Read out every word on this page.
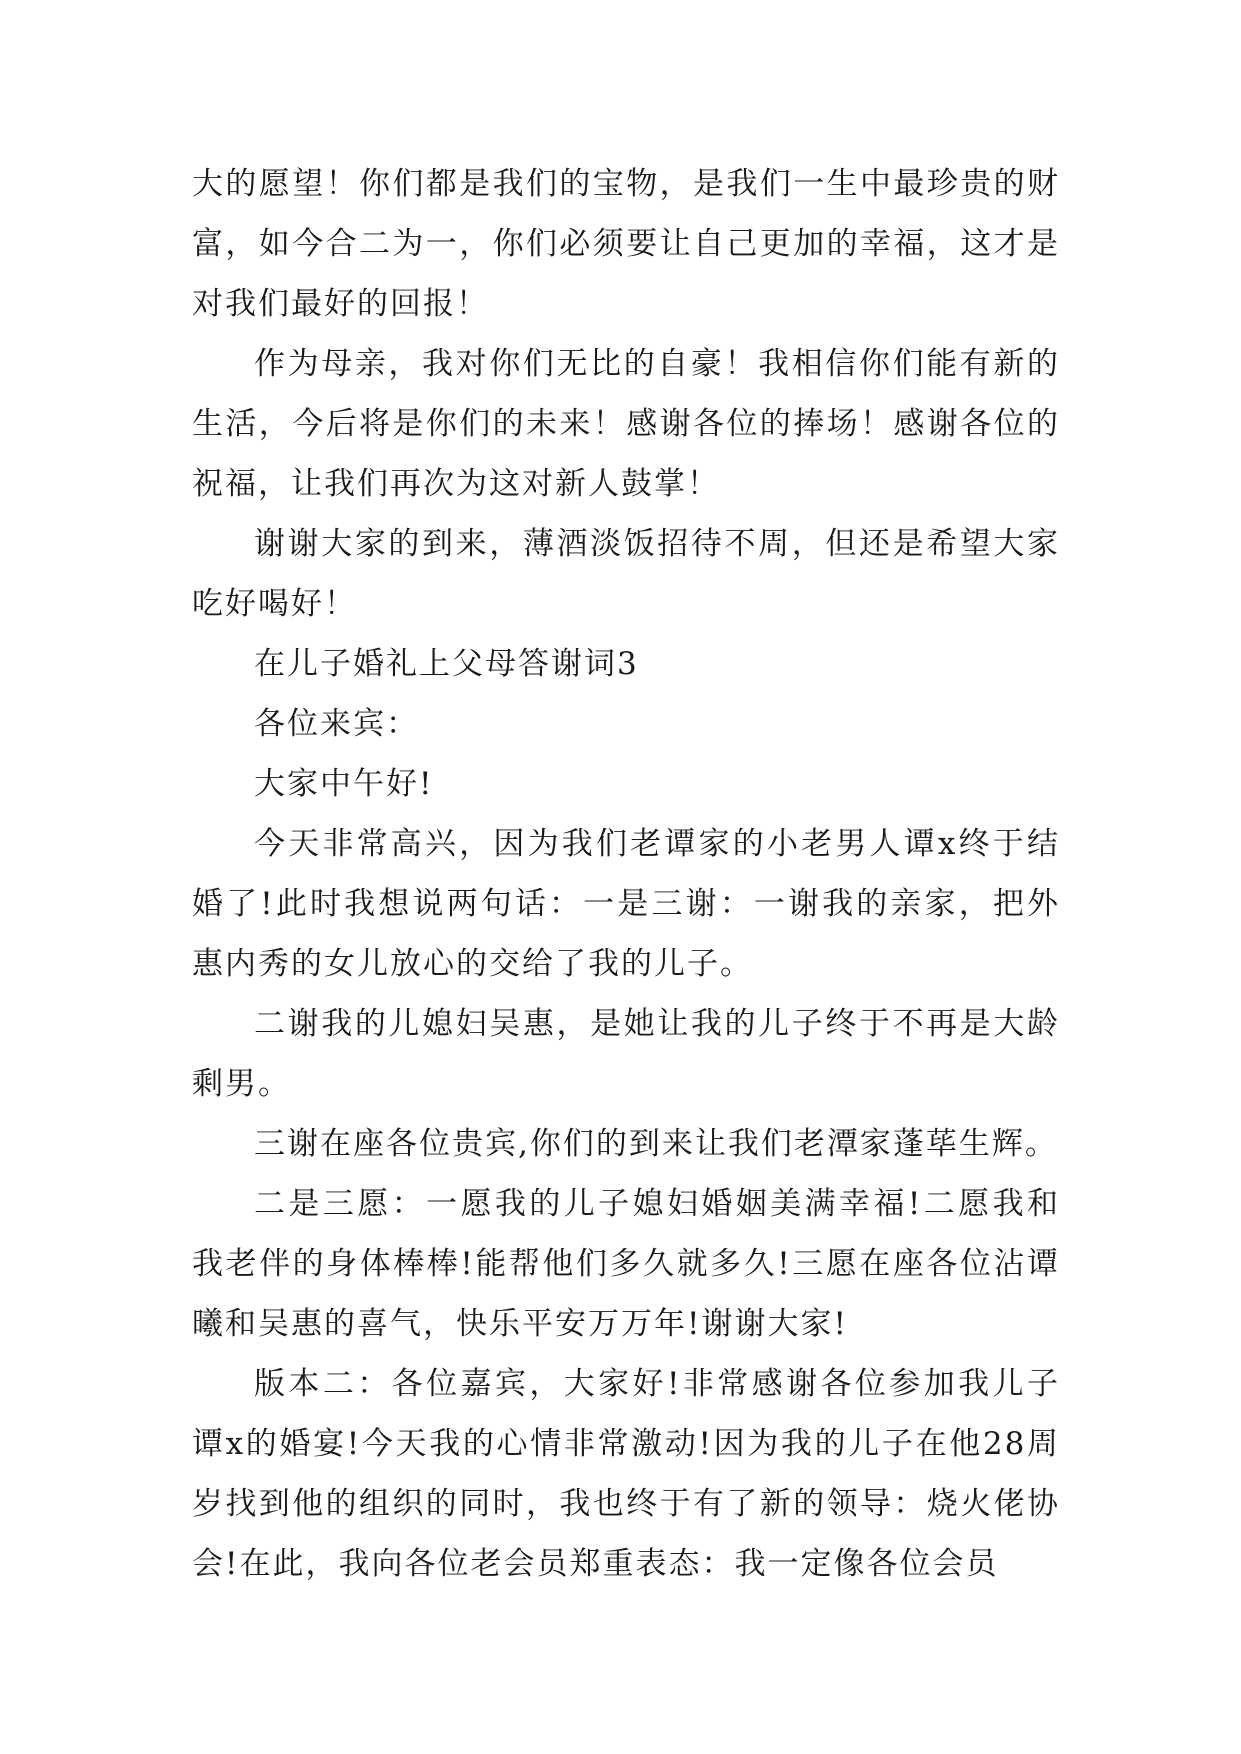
大的愿望！你们都是我们的宝物，是我们一生中最珍贵的财富，如今合二为一，你们必须要让自己更加的幸福，这才是对我们最好的回报！

作为母亲，我对你们无比的自豪！我相信你们能有新的生活，今后将是你们的未来！感谢各位的捧场！感谢各位的祝福，让我们再次为这对新人鼓掌！

谢谢大家的到来，薄酒淡饭招待不周，但还是希望大家吃好喝好！

在儿子婚礼上父母答谢词3

各位来宾：

大家中午好!

今天非常高兴，因为我们老谭家的小老男人谭x终于结婚了!此时我想说两句话：一是三谢：一谢我的亲家，把外惠内秀的女儿放心的交给了我的儿子。

二谢我的儿媳妇吴惠，是她让我的儿子终于不再是大龄剩男。

三谢在座各位贵宾,你们的到来让我们老潭家蓬荜生辉。

二是三愿：一愿我的儿子媳妇婚姻美满幸福!二愿我和我老伴的身体棒棒!能帮他们多久就多久!三愿在座各位沾谭曦和吴惠的喜气，快乐平安万万年!谢谢大家!

版本二：各位嘉宾，大家好!非常感谢各位参加我儿子谭x的婚宴!今天我的心情非常激动!因为我的儿子在他28周岁找到他的组织的同时，我也终于有了新的领导：烧火佬协会!在此，我向各位老会员郑重表态：我一定像各位会员
